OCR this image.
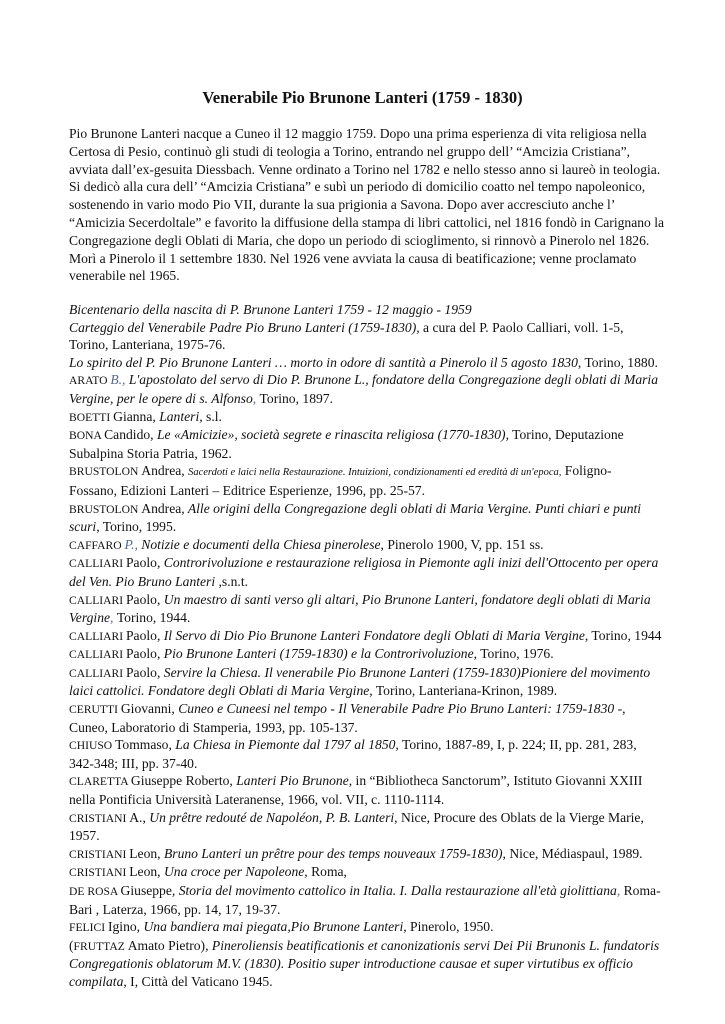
Venerabile Pio Brunone Lanteri (1759 - 1830)
Pio Brunone Lanteri nacque a Cuneo il 12 maggio 1759. Dopo una prima esperienza di vita religiosa nella
Certosa di Pesio, continuò gli studi di teologia a Torino, entrando nel gruppo dell’ “Amcizia Cristiana”,
avviata dall’ex-gesuita Diessbach. Venne ordinato a Torino nel 1782 e nello stesso anno si laureò in teologia.
Si dedicò alla cura dell’ “Amcizia Cristiana” e subì un periodo di domicilio coatto nel tempo napoleonico,
sostenendo in vario modo Pio VII, durante la sua prigionia a Savona. Dopo aver accresciuto anche l’
“Amicizia Secerdoltale” e favorito la diffusione della stampa di libri cattolici, nel 1816 fondò in Carignano la
Congregazione degli Oblati di Maria, che dopo un periodo di scioglimento, si rinnovò a Pinerolo nel 1826.
Morì a Pinerolo il 1 settembre 1830. Nel 1926 vene avviata la causa di beatificazione; venne proclamato
venerabile nel 1965.
Bicentenario della nascita di P. Brunone Lanteri 1759 - 12 maggio - 1959
Carteggio del Venerabile Padre Pio Bruno Lanteri (1759-1830), a cura del P. Paolo Calliari, voll. 1-5,
Torino, Lanteriana, 1975-76.
Lo spirito del P. Pio Brunone Lanteri … morto in odore di santità a Pinerolo il 5 agosto 1830, Torino, 1880.
ARATO B., L'apostolato del servo di Dio P. Brunone L., fondatore della Congregazione degli oblati di Maria
Vergine, per le opere di s. Alfonso, Torino, 1897.
BOETTI Gianna, Lanteri, s.l.
BONA Candido, Le «Amicizie», società segrete e rinascita religiosa (1770-1830), Torino, Deputazione
Subalpina Storia Patria, 1962.
BRUSTOLON Andrea, Sacerdoti e laici nella Restaurazione. Intuizioni, condizionamenti ed eredità di un'epoca, Foligno-
Fossano, Edizioni Lanteri – Editrice Esperienze, 1996, pp. 25-57.
BRUSTOLON Andrea, Alle origini della Congregazione degli oblati di Maria Vergine. Punti chiari e punti
scuri, Torino, 1995.
CAFFARO P., Notizie e documenti della Chiesa pinerolese, Pinerolo 1900, V, pp. 151 ss.
CALLIARI Paolo, Controrivoluzione e restaurazione religiosa in Piemonte agli inizi dell'Ottocento per opera
del Ven. Pio Bruno Lanteri ,s.n.t.
CALLIARI Paolo, Un maestro di santi verso gli altari, Pio Brunone Lanteri, fondatore degli oblati di Maria
Vergine, Torino, 1944.
CALLIARI Paolo, Il Servo di Dio Pio Brunone Lanteri Fondatore degli Oblati di Maria Vergine, Torino, 1944
CALLIARI Paolo, Pio Brunone Lanteri (1759-1830) e la Controrivoluzione, Torino, 1976.
CALLIARI Paolo, Servire la Chiesa. Il venerabile Pio Brunone Lanteri (1759-1830)Pioniere del movimento
laici cattolici. Fondatore degli Oblati di Maria Vergine, Torino, Lanteriana-Krinon, 1989.
CERUTTI Giovanni, Cuneo e Cuneesi nel tempo - Il Venerabile Padre Pio Bruno Lanteri: 1759-1830 -,
Cuneo, Laboratorio di Stamperia, 1993, pp. 105-137.
CHIUSO Tommaso, La Chiesa in Piemonte dal 1797 al 1850, Torino, 1887-89, I, p. 224; II, pp. 281, 283,
342-348; III, pp. 37-40.
CLARETTA Giuseppe Roberto, Lanteri Pio Brunone, in “Bibliotheca Sanctorum”, Istituto Giovanni XXIII
nella Pontificia Università Lateranense, 1966, vol. VII, c. 1110-1114.
CRISTIANI A., Un prêtre redouté de Napoléon, P. B. Lanteri, Nice, Procure des Oblats de la Vierge Marie,
1957.
CRISTIANI Leon, Bruno Lanteri un prêtre pour des temps nouveaux 1759-1830), Nice, Médiaspaul, 1989.
CRISTIANI Leon, Una croce per Napoleone, Roma,
DE ROSA Giuseppe, Storia del movimento cattolico in Italia. I. Dalla restaurazione all'età giolittiana, Roma-
Bari , Laterza, 1966, pp. 14, 17, 19-37.
FELICI Igino, Una bandiera mai piegata,Pio Brunone Lanteri, Pinerolo, 1950.
(FRUTTAZ Amato Pietro), Pineroliensis beatificationis et canonizationis servi Dei Pii Brunonis L. fundatoris
Congregationis oblatorum M.V. (1830). Positio super introductione causae et super virtutibus ex officio
compilata, I, Città del Vaticano 1945.
